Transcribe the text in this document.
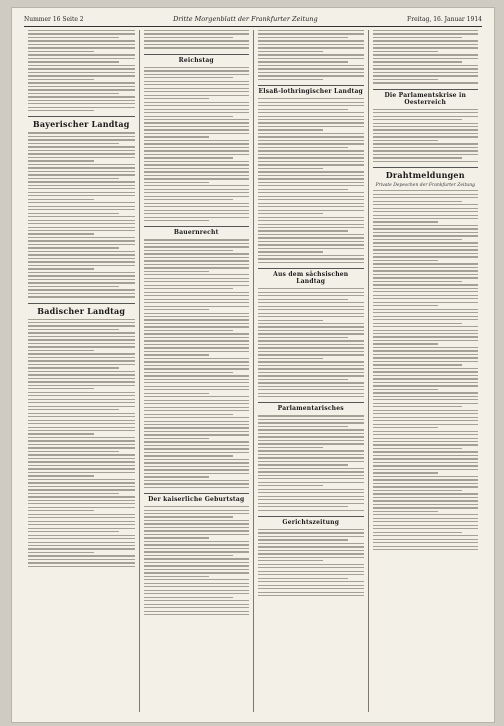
Nummer 16 Seite 2	Dritte Morgenblatt der Frankfurter Zeitung	Freitag, 16. Januar 1914
Bayerischer Landtag
Badischer Landtag
Reichstag
Bauernrecht
Der kaiserliche Geburtstag
Elsaß-lothringischer Landtag
Aus dem sächsischen Landtag
Parlamentarisches
Gerichtszeitung
Die Parlamentskrise in Oesterreich
Drahtmeldungen
Private Depeschen der Frankfurter Zeitung
